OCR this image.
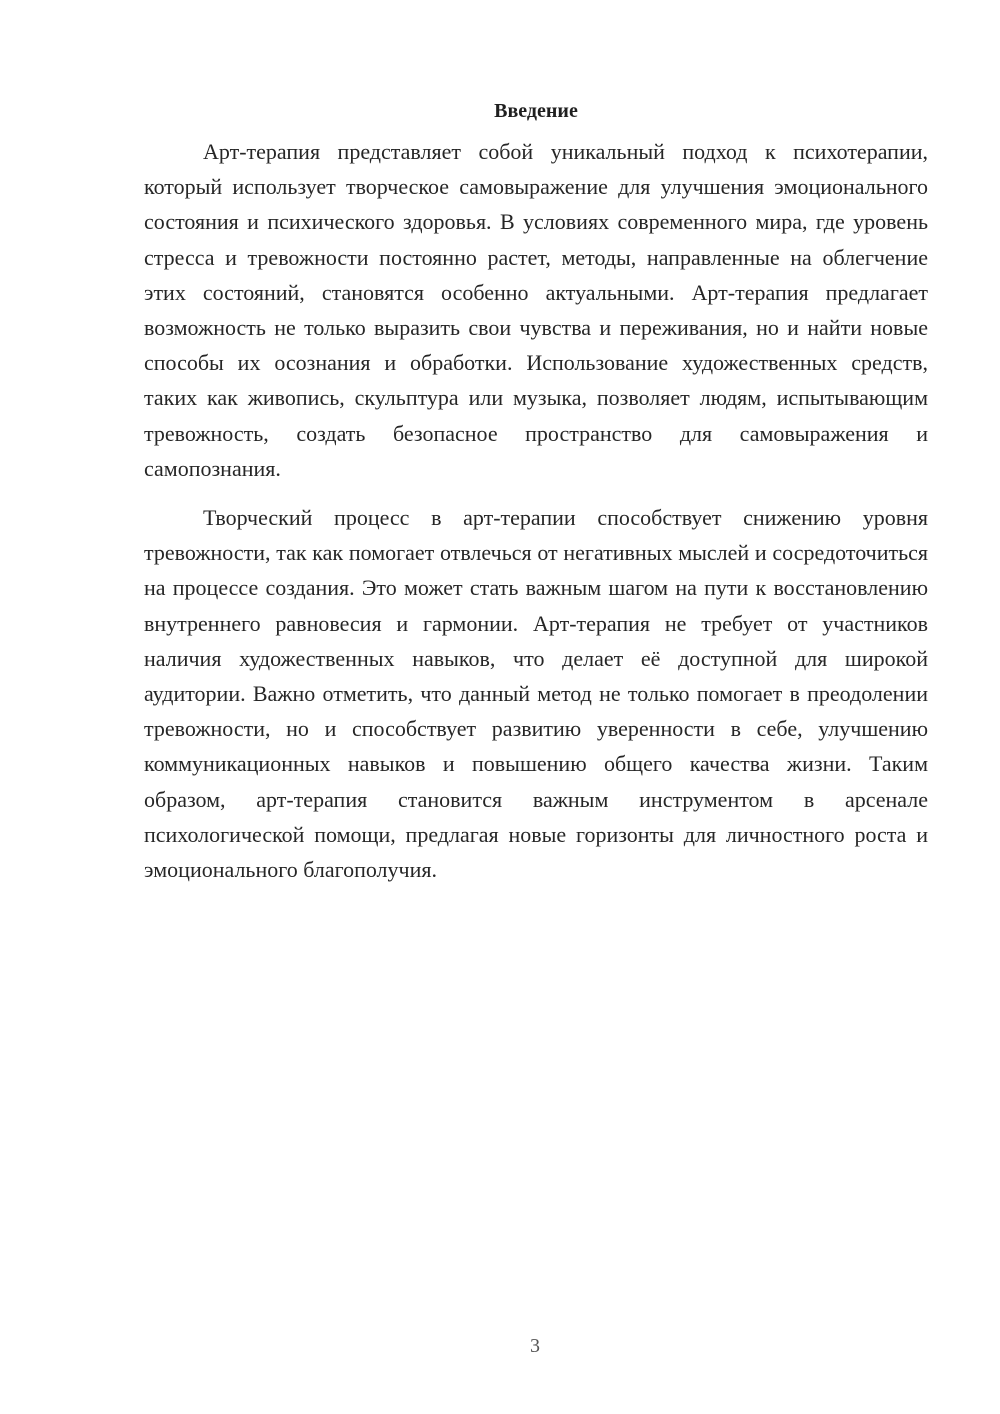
Введение

Арт-терапия представляет собой уникальный подход к психотерапии, который использует творческое самовыражение для улучшения эмоционального состояния и психического здоровья. В условиях современного мира, где уровень стресса и тревожности постоянно растет, методы, направленные на облегчение этих состояний, становятся особенно актуальными. Арт-терапия предлагает возможность не только выразить свои чувства и переживания, но и найти новые способы их осознания и обработки. Использование художественных средств, таких как живопись, скульптура или музыка, позволяет людям, испытывающим тревожность, создать безопасное пространство для самовыражения и самопознания.

Творческий процесс в арт-терапии способствует снижению уровня тревожности, так как помогает отвлечься от негативных мыслей и сосредоточиться на процессе создания. Это может стать важным шагом на пути к восстановлению внутреннего равновесия и гармонии. Арт-терапия не требует от участников наличия художественных навыков, что делает её доступной для широкой аудитории. Важно отметить, что данный метод не только помогает в преодолении тревожности, но и способствует развитию уверенности в себе, улучшению коммуникационных навыков и повышению общего качества жизни. Таким образом, арт-терапия становится важным инструментом в арсенале психологической помощи, предлагая новые горизонты для личностного роста и эмоционального благополучия.

3
